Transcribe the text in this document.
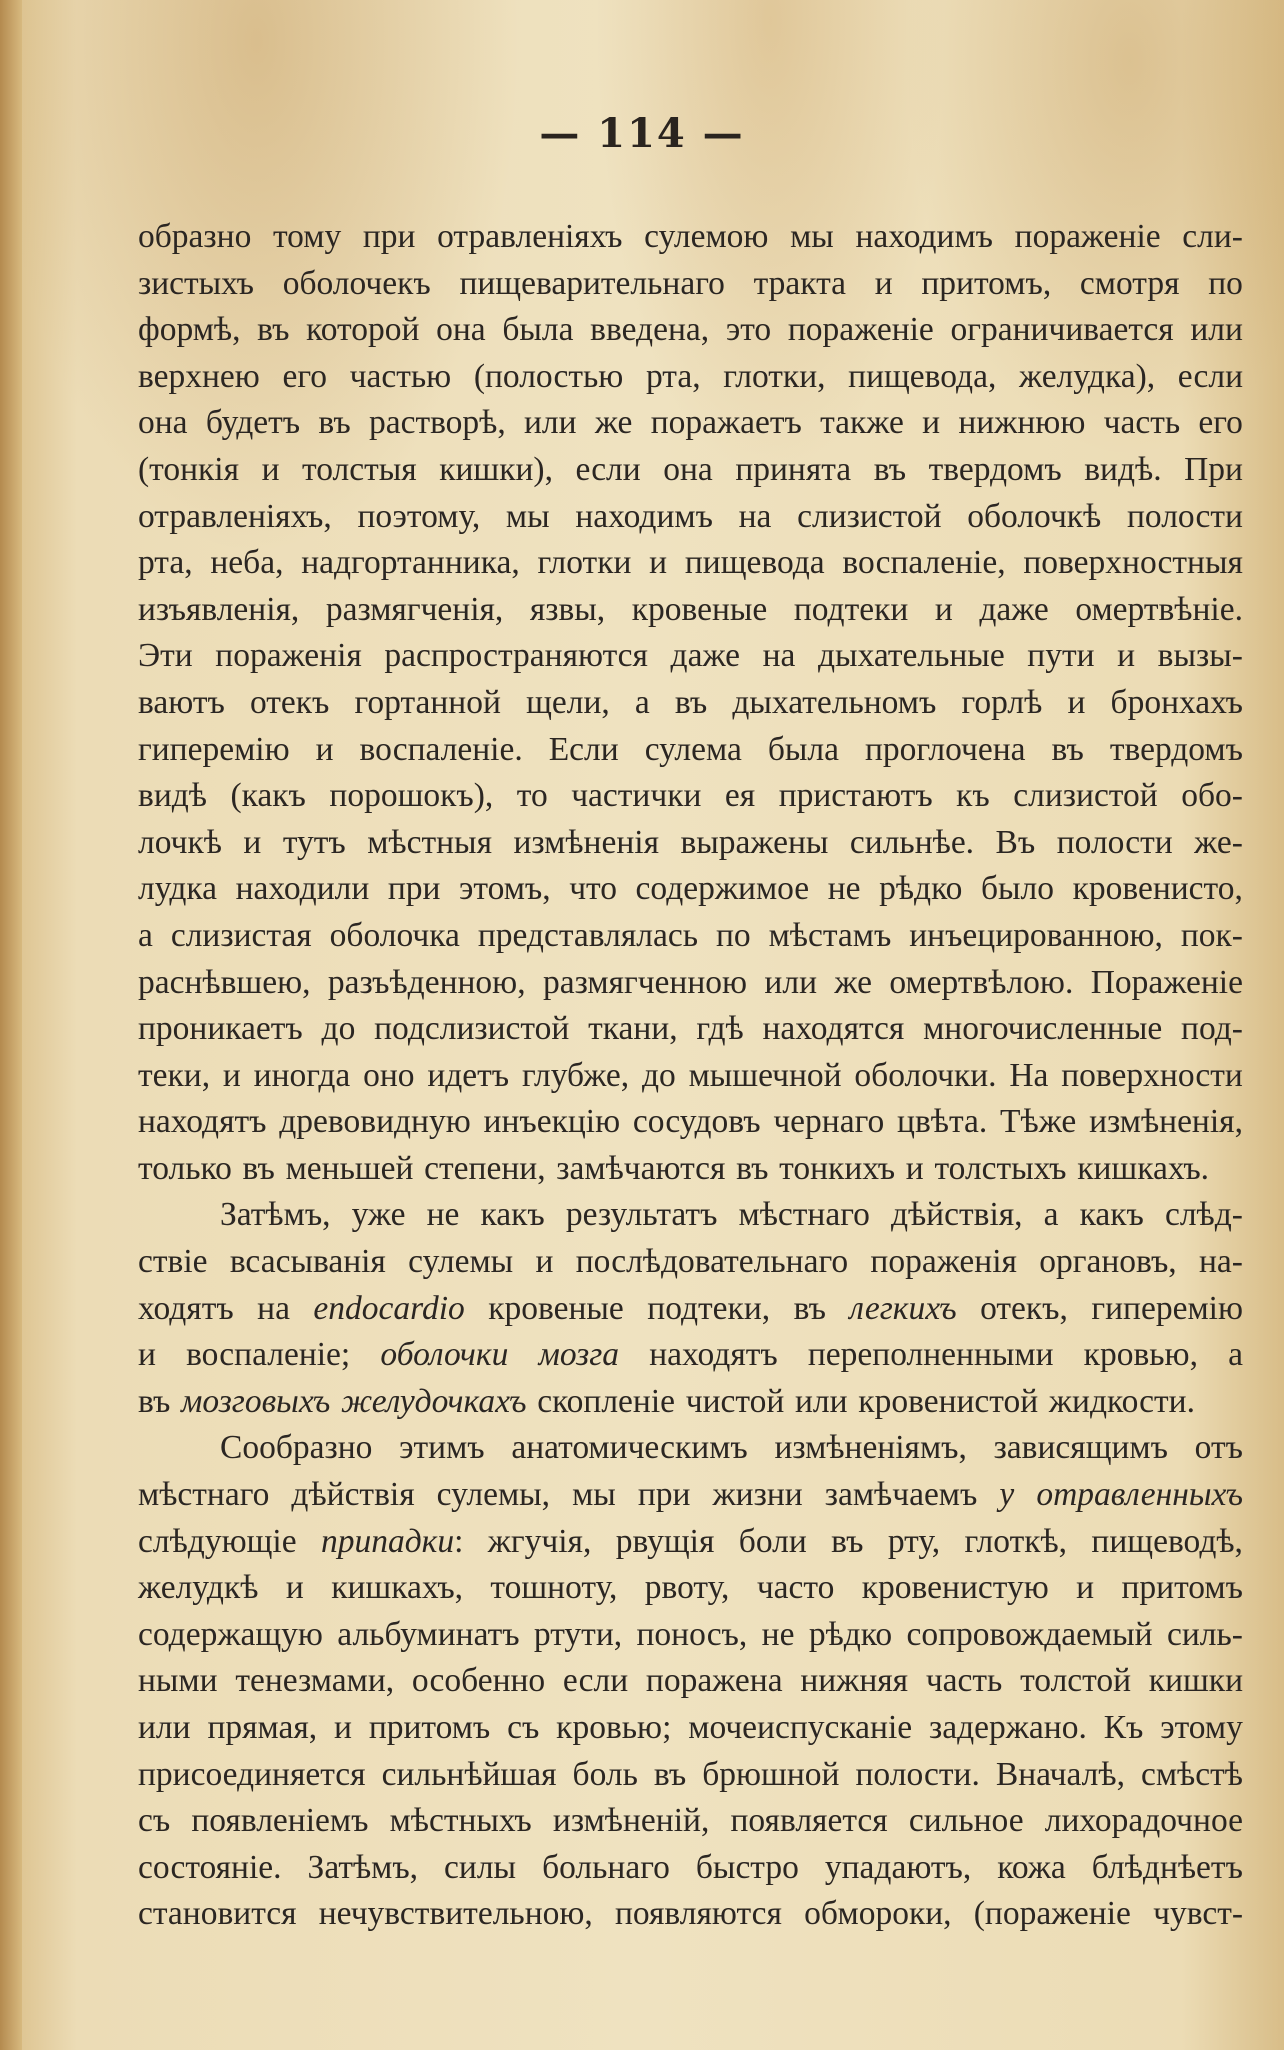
— 114 —
образно тому при отравленіяхъ сулемою мы находимъ пораженіе сли-
зистыхъ оболочекъ пищеварительнаго тракта и притомъ, смотря по
формѣ, въ которой она была введена, это пораженіе ограничивается или
верхнею его частью (полостью рта, глотки, пищевода, желудка), если
она будетъ въ растворѣ, или же поражаетъ также и нижнюю часть его
(тонкія и толстыя кишки), если она принята въ твердомъ видѣ. При
отравленіяхъ, поэтому, мы находимъ на слизистой оболочкѣ полости
рта, неба, надгортанника, глотки и пищевода воспаленіе, поверхностныя
изъявленія, размягченія, язвы, кровеные подтеки и даже омертвѣніе.
Эти пораженія распространяются даже на дыхательные пути и вызы-
ваютъ отекъ гортанной щели, а въ дыхательномъ горлѣ и бронхахъ
гиперемію и воспаленіе. Если сулема была проглочена въ твердомъ
видѣ (какъ порошокъ), то частички ея пристаютъ къ слизистой обо-
лочкѣ и тутъ мѣстныя измѣненія выражены сильнѣе. Въ полости же-
лудка находили при этомъ, что содержимое не рѣдко было кровенисто,
а слизистая оболочка представлялась по мѣстамъ инъецированною, пок-
раснѣвшею, разъѣденною, размягченною или же омертвѣлою. Пораженіе
проникаетъ до подслизистой ткани, гдѣ находятся многочисленные под-
теки, и иногда оно идетъ глубже, до мышечной оболочки. На поверхности
находятъ древовидную инъекцію сосудовъ чернаго цвѣта. Тѣже измѣненія,
только въ меньшей степени, замѣчаются въ тонкихъ и толстыхъ кишкахъ.
Затѣмъ, уже не какъ результатъ мѣстнаго дѣйствія, а какъ слѣд-
ствіе всасыванія сулемы и послѣдовательнаго пораженія органовъ, на-
ходятъ на endocardio кровеные подтеки, въ легкихъ отекъ, гиперемію
и воспаленіе; оболочки мозга находятъ переполненными кровью, а
въ мозговыхъ желудочкахъ скопленіе чистой или кровенистой жидкости.
Сообразно этимъ анатомическимъ измѣненіямъ, зависящимъ отъ
мѣстнаго дѣйствія сулемы, мы при жизни замѣчаемъ у отравленныхъ
слѣдующіе припадки: жгучія, рвущія боли въ рту, глоткѣ, пищеводѣ,
желудкѣ и кишкахъ, тошноту, рвоту, часто кровенистую и притомъ
содержащую альбуминатъ ртути, поносъ, не рѣдко сопровождаемый силь-
ными тенезмами, особенно если поражена нижняя часть толстой кишки
или прямая, и притомъ съ кровью; мочеиспусканіе задержано. Къ этому
присоединяется сильнѣйшая боль въ брюшной полости. Вначалѣ, смѣстѣ
съ появленіемъ мѣстныхъ измѣненій, появляется сильное лихорадочное
состояніе. Затѣмъ, силы больнаго быстро упадаютъ, кожа блѣднѣетъ
становится нечувствительною, появляются обмороки, (пораженіе чувст-
